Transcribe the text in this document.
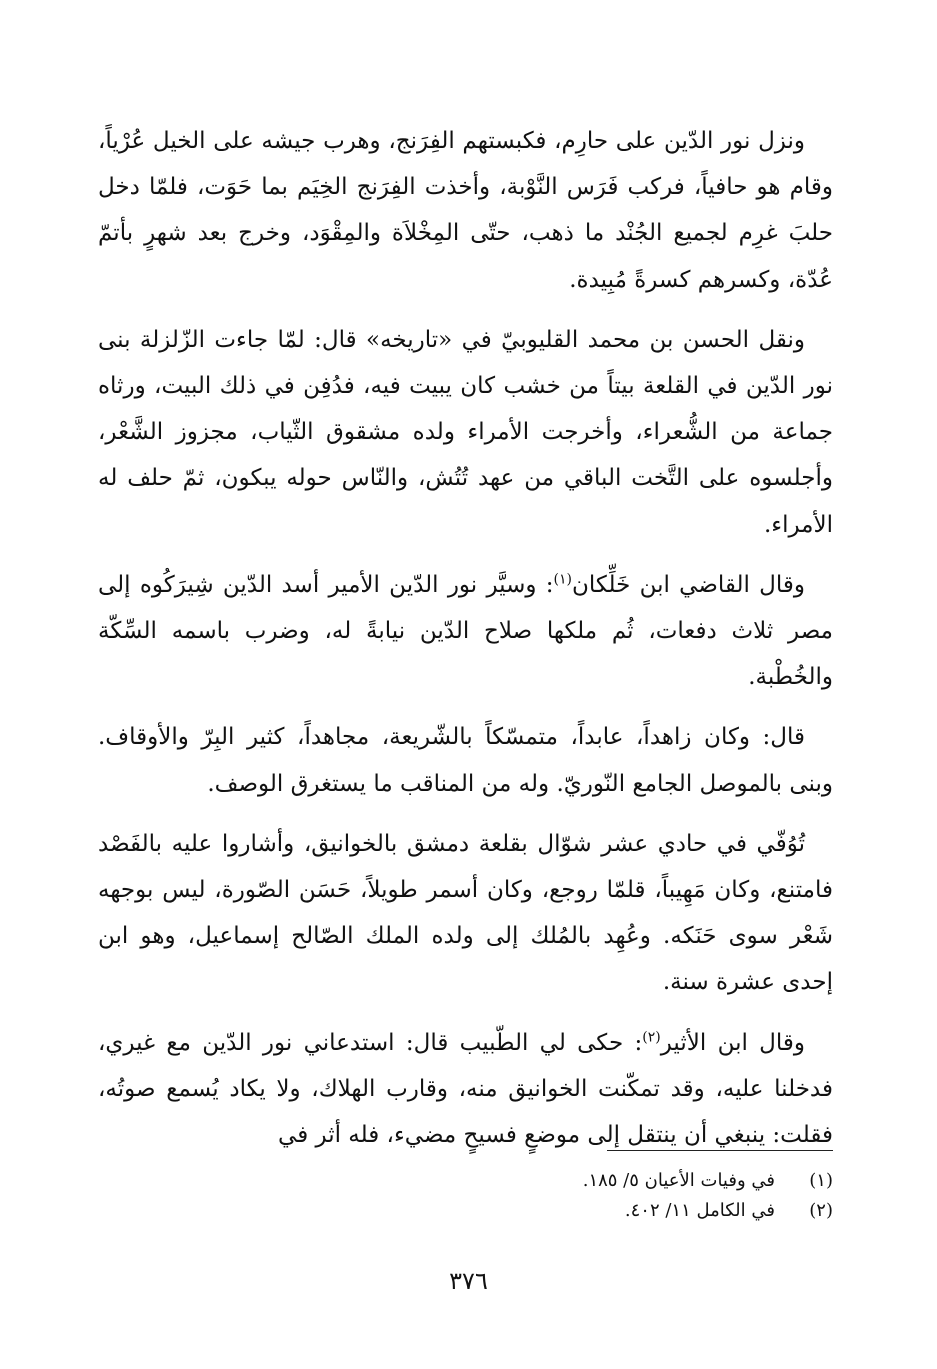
ونزل نور الدّين على حارِم، فكبستهم الفِرَنج، وهرب جيشه على الخيل عُرْياً، وقام هو حافياً، فركب فَرَس النَّوْبة، وأخذت الفِرَنج الخِيَم بما حَوَت، فلمّا دخل حلبَ غرِم لجميع الجُنْد ما ذهب، حتّى المِخْلاَة والمِقْوَد، وخرج بعد شهرٍ بأتمّ عُدّة، وكسرهم كسرةً مُبِيدة.

ونقل الحسن بن محمد القليوبيّ في «تاريخه» قال: لمّا جاءت الزّلزلة بنى نور الدّين في القلعة بيتاً من خشب كان يبيت فيه، فدُفِن في ذلك البيت، ورثاه جماعة من الشُّعراء، وأخرجت الأمراء ولده مشقوق الثّياب، مجزوز الشَّعْر، وأجلسوه على التَّخت الباقي من عهد تُتُش، والنّاس حوله يبكون، ثمّ حلف له الأمراء.

وقال القاضي ابن خَلِّكان$^{(١)}$: وسيَّر نور الدّين الأمير أسد الدّين شِيرَكُوه إلى مصر ثلاث دفعات، ثُم ملكها صلاح الدّين نيابةً له، وضرب باسمه السِّكّة والخُطْبة.

قال: وكان زاهداً، عابداً، متمسّكاً بالشّريعة، مجاهداً، كثير البِرّ والأوقاف. وبنى بالموصل الجامع النّوريّ. وله من المناقب ما يستغرق الوصف.

تُوُفّي في حادي عشر شوّال بقلعة دمشق بالخوانيق، وأشاروا عليه بالفَصْد فامتنع، وكان مَهِيباً، قلمّا روجع، وكان أسمر طويلاً، حَسَن الصّورة، ليس بوجهه شَعْر سوى حَنَكه. وعُهِد بالمُلك إلى ولده الملك الصّالح إسماعيل، وهو ابن إحدى عشرة سنة.

وقال ابن الأثير$^{(٢)}$: حكى لي الطّبيب قال: استدعاني نور الدّين مع غيري، فدخلنا عليه، وقد تمكّنت الخوانيق منه، وقارب الهلاك، ولا يكاد يُسمع صوتُه، فقلت: ينبغي أن ينتقل إلى موضعٍ فسيحٍ مضيء، فله أثر في

(١)
في وفيات الأعيان ٥/ ١٨٥.
(٢)
في الكامل ١١/ ٤٠٢.
٣٧٦
